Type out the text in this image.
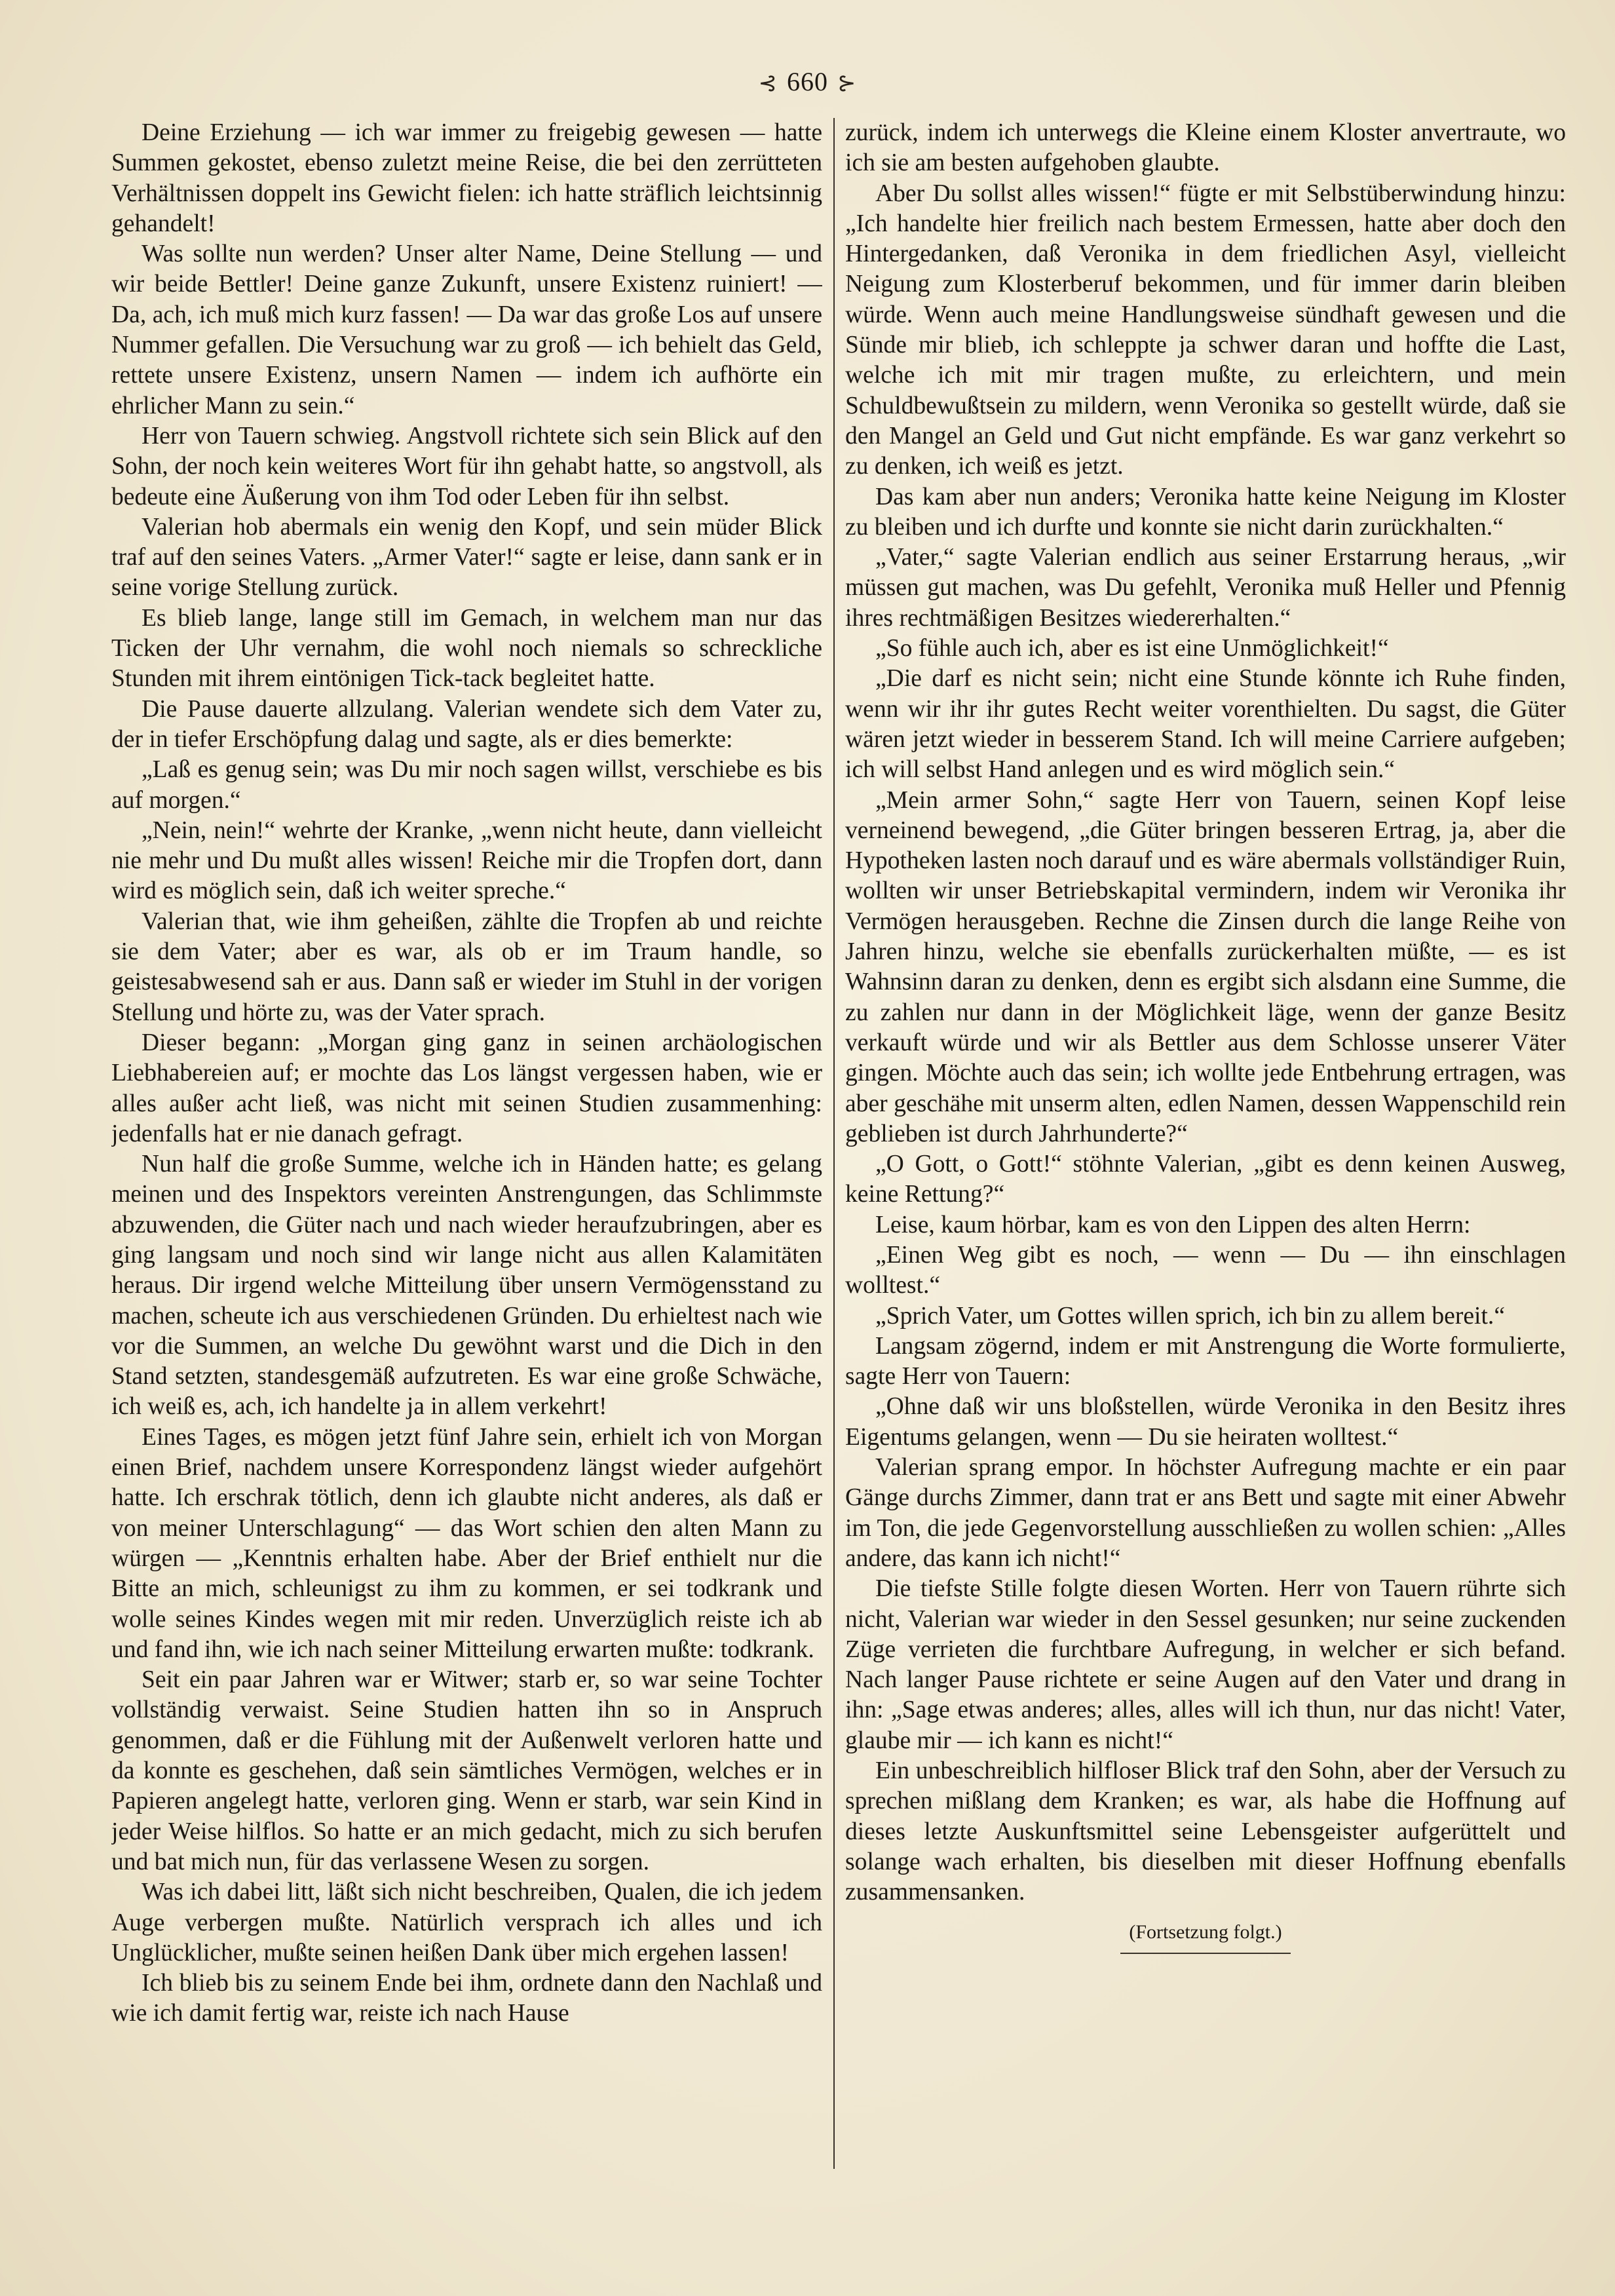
⊰ 660 ⊱

Deine Erziehung — ich war immer zu freigebig gewesen — hatte Summen gekostet, ebenso zuletzt meine Reise, die bei den zerrütteten Verhältnissen doppelt ins Gewicht fielen: ich hatte sträflich leichtsinnig gehandelt!

Was sollte nun werden? Unser alter Name, Deine Stellung — und wir beide Bettler! Deine ganze Zukunft, unsere Existenz ruiniert! — Da, ach, ich muß mich kurz fassen! — Da war das große Los auf unsere Nummer gefallen. Die Versuchung war zu groß — ich behielt das Geld, rettete unsere Existenz, unsern Namen — indem ich aufhörte ein ehrlicher Mann zu sein.“

Herr von Tauern schwieg. Angstvoll richtete sich sein Blick auf den Sohn, der noch kein weiteres Wort für ihn gehabt hatte, so angstvoll, als bedeute eine Äußerung von ihm Tod oder Leben für ihn selbst.

Valerian hob abermals ein wenig den Kopf, und sein müder Blick traf auf den seines Vaters. „Armer Vater!“ sagte er leise, dann sank er in seine vorige Stellung zurück.

Es blieb lange, lange still im Gemach, in welchem man nur das Ticken der Uhr vernahm, die wohl noch niemals so schreckliche Stunden mit ihrem eintönigen Tick-tack begleitet hatte.

Die Pause dauerte allzulang. Valerian wendete sich dem Vater zu, der in tiefer Erschöpfung dalag und sagte, als er dies bemerkte:

„Laß es genug sein; was Du mir noch sagen willst, verschiebe es bis auf morgen.“

„Nein, nein!“ wehrte der Kranke, „wenn nicht heute, dann vielleicht nie mehr und Du mußt alles wissen! Reiche mir die Tropfen dort, dann wird es möglich sein, daß ich weiter spreche.“

Valerian that, wie ihm geheißen, zählte die Tropfen ab und reichte sie dem Vater; aber es war, als ob er im Traum handle, so geistesabwesend sah er aus. Dann saß er wieder im Stuhl in der vorigen Stellung und hörte zu, was der Vater sprach.

Dieser begann: „Morgan ging ganz in seinen archäologischen Liebhabereien auf; er mochte das Los längst vergessen haben, wie er alles außer acht ließ, was nicht mit seinen Studien zusammenhing: jedenfalls hat er nie danach gefragt.

Nun half die große Summe, welche ich in Händen hatte; es gelang meinen und des Inspektors vereinten Anstrengungen, das Schlimmste abzuwenden, die Güter nach und nach wieder heraufzubringen, aber es ging langsam und noch sind wir lange nicht aus allen Kalamitäten heraus. Dir irgend welche Mitteilung über unsern Vermögensstand zu machen, scheute ich aus verschiedenen Gründen. Du erhieltest nach wie vor die Summen, an welche Du gewöhnt warst und die Dich in den Stand setzten, standesgemäß aufzutreten. Es war eine große Schwäche, ich weiß es, ach, ich handelte ja in allem verkehrt!

Eines Tages, es mögen jetzt fünf Jahre sein, erhielt ich von Morgan einen Brief, nachdem unsere Korrespondenz längst wieder aufgehört hatte. Ich erschrak tötlich, denn ich glaubte nicht anderes, als daß er von meiner Unterschlagung“ — das Wort schien den alten Mann zu würgen — „Kenntnis erhalten habe. Aber der Brief enthielt nur die Bitte an mich, schleunigst zu ihm zu kommen, er sei todkrank und wolle seines Kindes wegen mit mir reden. Unverzüglich reiste ich ab und fand ihn, wie ich nach seiner Mitteilung erwarten mußte: todkrank.

Seit ein paar Jahren war er Witwer; starb er, so war seine Tochter vollständig verwaist. Seine Studien hatten ihn so in Anspruch genommen, daß er die Fühlung mit der Außenwelt verloren hatte und da konnte es geschehen, daß sein sämtliches Vermögen, welches er in Papieren angelegt hatte, verloren ging. Wenn er starb, war sein Kind in jeder Weise hilflos. So hatte er an mich gedacht, mich zu sich berufen und bat mich nun, für das verlassene Wesen zu sorgen.

Was ich dabei litt, läßt sich nicht beschreiben, Qualen, die ich jedem Auge verbergen mußte. Natürlich versprach ich alles und ich Unglücklicher, mußte seinen heißen Dank über mich ergehen lassen!

Ich blieb bis zu seinem Ende bei ihm, ordnete dann den Nachlaß und wie ich damit fertig war, reiste ich nach Hause

zurück, indem ich unterwegs die Kleine einem Kloster anvertraute, wo ich sie am besten aufgehoben glaubte.

Aber Du sollst alles wissen!“ fügte er mit Selbstüberwindung hinzu: „Ich handelte hier freilich nach bestem Ermessen, hatte aber doch den Hintergedanken, daß Veronika in dem friedlichen Asyl, vielleicht Neigung zum Klosterberuf bekommen, und für immer darin bleiben würde. Wenn auch meine Handlungsweise sündhaft gewesen und die Sünde mir blieb, ich schleppte ja schwer daran und hoffte die Last, welche ich mit mir tragen mußte, zu erleichtern, und mein Schuldbewußtsein zu mildern, wenn Veronika so gestellt würde, daß sie den Mangel an Geld und Gut nicht empfände. Es war ganz verkehrt so zu denken, ich weiß es jetzt.

Das kam aber nun anders; Veronika hatte keine Neigung im Kloster zu bleiben und ich durfte und konnte sie nicht darin zurückhalten.“

„Vater,“ sagte Valerian endlich aus seiner Erstarrung heraus, „wir müssen gut machen, was Du gefehlt, Veronika muß Heller und Pfennig ihres rechtmäßigen Besitzes wiedererhalten.“

„So fühle auch ich, aber es ist eine Unmöglichkeit!“

„Die darf es nicht sein; nicht eine Stunde könnte ich Ruhe finden, wenn wir ihr ihr gutes Recht weiter vorenthielten. Du sagst, die Güter wären jetzt wieder in besserem Stand. Ich will meine Carriere aufgeben; ich will selbst Hand anlegen und es wird möglich sein.“

„Mein armer Sohn,“ sagte Herr von Tauern, seinen Kopf leise verneinend bewegend, „die Güter bringen besseren Ertrag, ja, aber die Hypotheken lasten noch darauf und es wäre abermals vollständiger Ruin, wollten wir unser Betriebskapital vermindern, indem wir Veronika ihr Vermögen herausgeben. Rechne die Zinsen durch die lange Reihe von Jahren hinzu, welche sie ebenfalls zurückerhalten müßte, — es ist Wahnsinn daran zu denken, denn es ergibt sich alsdann eine Summe, die zu zahlen nur dann in der Möglichkeit läge, wenn der ganze Besitz verkauft würde und wir als Bettler aus dem Schlosse unserer Väter gingen. Möchte auch das sein; ich wollte jede Entbehrung ertragen, was aber geschähe mit unserm alten, edlen Namen, dessen Wappenschild rein geblieben ist durch Jahrhunderte?“

„O Gott, o Gott!“ stöhnte Valerian, „gibt es denn keinen Ausweg, keine Rettung?“

Leise, kaum hörbar, kam es von den Lippen des alten Herrn:

„Einen Weg gibt es noch, — wenn — Du — ihn einschlagen wolltest.“

„Sprich Vater, um Gottes willen sprich, ich bin zu allem bereit.“

Langsam zögernd, indem er mit Anstrengung die Worte formulierte, sagte Herr von Tauern:

„Ohne daß wir uns bloßstellen, würde Veronika in den Besitz ihres Eigentums gelangen, wenn — Du sie heiraten wolltest.“

Valerian sprang empor. In höchster Aufregung machte er ein paar Gänge durchs Zimmer, dann trat er ans Bett und sagte mit einer Abwehr im Ton, die jede Gegenvorstellung ausschließen zu wollen schien: „Alles andere, das kann ich nicht!“

Die tiefste Stille folgte diesen Worten. Herr von Tauern rührte sich nicht, Valerian war wieder in den Sessel gesunken; nur seine zuckenden Züge verrieten die furchtbare Aufregung, in welcher er sich befand. Nach langer Pause richtete er seine Augen auf den Vater und drang in ihn: „Sage etwas anderes; alles, alles will ich thun, nur das nicht! Vater, glaube mir — ich kann es nicht!“

Ein unbeschreiblich hilfloser Blick traf den Sohn, aber der Versuch zu sprechen mißlang dem Kranken; es war, als habe die Hoffnung auf dieses letzte Auskunftsmittel seine Lebensgeister aufgerüttelt und solange wach erhalten, bis dieselben mit dieser Hoffnung ebenfalls zusammensanken.

(Fortsetzung folgt.)
